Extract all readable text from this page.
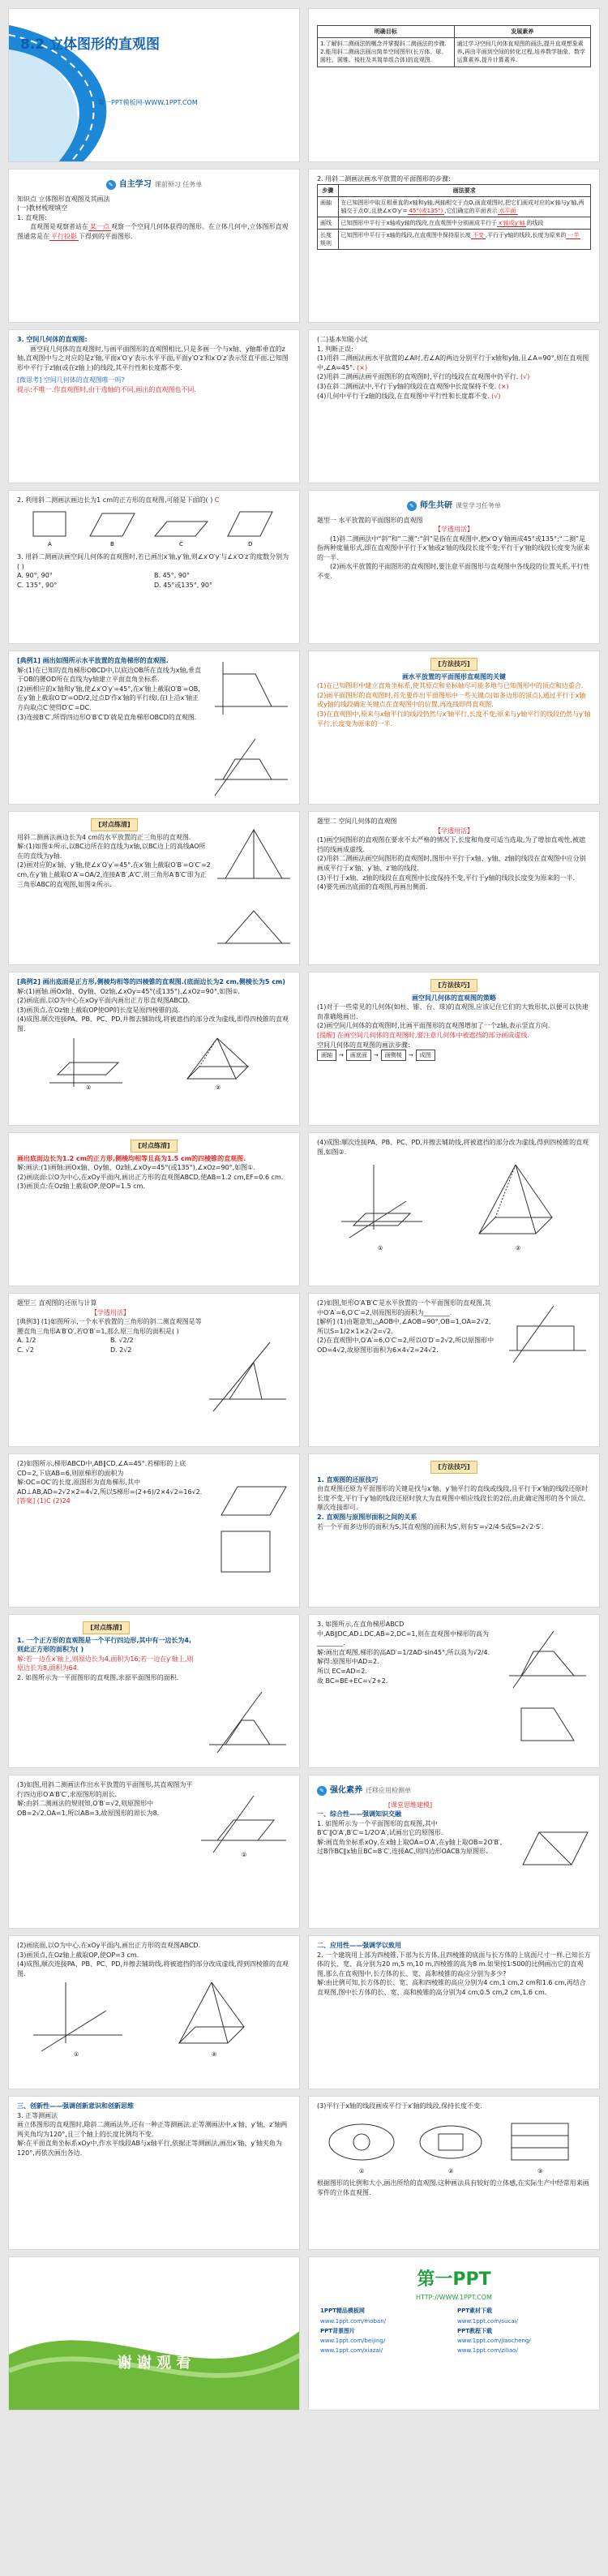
8.2 立体图形的直观图
第一PPT模板网-WWW.1PPT.COM
明确目标	发展素养

1.了解斜二测画法的概念并掌握斜二测画法的步骤.
2.能用斜二测画法画出简单空间图形(长方体、球、圆柱、圆锥、棱柱及其简单组合体)的直观图.	通过学习空间几何体直观图的画法,提升直观想象素养,再由平面到空间的转化过程,培养数学抽象、数学运算素养,提升计算素养.
✎ 自主学习 课前预习 任务单
知识点 立体图形直观图及其画法
(一)教材梳理填空
1. 直观图:
直观图是观察者站在 某一点 观察一个空间几何体获得的图形。在立体几何中,立体图形直观图通常是在 平行投影 下得到的平面图形.
2. 用斜二测画法画水平放置的平面图形的步骤:
步骤	画法要求
画轴	在已知图形中取互相垂直的x轴和y轴,两轴相交于点O,画直观图时,把它们画成对应的x′轴与y′轴,两轴交于点O′,且使∠x′O′y′= 45°(或135°) ,它们确定的平面表示 水平面
画线	已知图形中平行于x轴或y轴的线段,在直观图中分别画成平行于 x′轴或y′轴 的线段
长度规则	已知图形中平行于x轴的线段,在直观图中保持原长度 不变 ,平行于y轴的线段,长度为原来的 一半
3. 空间几何体的直观图:
画空间几何体的直观图时,与画平面图形的直观图相比,只是多画一个与x轴、y轴都垂直的z轴,直观图中与之对应的是z′轴,平面x′O′y′表示水平平面,平面y′O′z′和x′O′z′表示竖直平面.已知图形中平行于z轴(或在z轴上)的线段,其平行性和长度都不变.
[微思考] 空间几何体的直观图唯一吗?
提示:不唯一.作直观图时,由于选轴的不同,画出的直观图也不同.
(二)基本知能小试
1. 判断正误:
(1)用斜二测画法画水平放置的∠A时,若∠A的两边分别平行于x轴和y轴,且∠A=90°,则在直观图中,∠A=45°. (×)
(2)用斜二测画法画平面图形的直观图时,平行的线段在直观图中仍平行. (√)
(3)在斜二测画法中,平行于y轴的线段在直观图中长度保持不变. (×)
(4)几何中平行于z轴的线段,在直观图中平行性和长度都不变. (√)
2. 利用斜二测画法画边长为1 cm的正方形的直观图,可能是下面的( ) C
A	B	C	D
3. 用斜二测画法画空间几何体的直观图时,若已画出x′轴,y′轴,则∠x′O′y′与∠x′O′z′的度数分别为( )
A. 90°, 90°	B. 45°, 90°
C. 135°, 90°	D. 45°或135°, 90°
✎ 师生共研 课堂学习任务单
题型一 水平放置的平面图形的直观图
【学透用活】
(1)斜二测画法中“斜”和“二测”:“斜”是指在直观图中,把x′O′y′轴画成45°或135°;“二测”是指两种度量形式,即在直观图中平行于x′轴或z′轴的线段长度不变;平行于y′轴的线段长度变为原来的一半.
(2)画水平放置的平面图形的直观图时,要注意平面图形与直观图中各线段的位置关系,平行性不变.
[典例1] 画出如图所示水平放置的直角梯形的直观图.
解:(1)在已知的直角梯形OBCD中,以底边OB所在直线为x轴,垂直于OB的腰OD所在直线为y轴建立平面直角坐标系.
(2)画相应的x′轴和y′轴,使∠x′O′y′=45°,在x′轴上截取O′B′=OB,在y′轴上截取O′D′=OD/2,过点D′作x′轴的平行线l,在l上沿x′轴正方向取点C′使得D′C′=DC.
(3)连接B′C′,所得四边形O′B′C′D′就是直角梯形OBCD的直观图.
[方法技巧]
画水平放置的平面图形直观图的关键
(1)在已知图形中建立直角坐标系,使其原点和坐标轴尽可能多地与已知图形中的顶点和边重合.
(2)画平面图形的直观图时,首先要作出平面图形中一些关键点(如多边形的顶点),通过平行于x轴或y轴的线段确定关键点在直观图中的位置,再连线即得直观图.
(3)在直观图中,原来与x轴平行的线段仍然与x′轴平行,长度不变;原来与y轴平行的线段仍然与y′轴平行,长度变为原来的一半.
[对点练清]
用斜二测画法画边长为4 cm的水平放置的正三角形的直观图.
解:(1)如图①所示,以BC边所在的直线为x轴,以BC边上的高线AO所在的直线为y轴.
(2)画对应的x′轴、y′轴,使∠x′O′y′=45°.在x′轴上截取O′B′=O′C′=2 cm,在y′轴上截取O′A′=OA/2,连接A′B′,A′C′,则三角形A′B′C′即为正三角形ABC的直观图,如图②所示.
题型二 空间几何体的直观图
【学透用活】
(1)画空间图形的直观图在要求不太严格的情况下,长度和角度可适当选取,为了增加直观性,被遮挡的线画成虚线.
(2)用斜二测画法画空间图形的直观图时,图形中平行于x轴、y轴、z轴的线段在直观图中应分别画成平行于x′轴、y′轴、z′轴的线段.
(3)平行于x轴、z轴的线段在直观图中长度保持不变,平行于y轴的线段长度变为原来的一半.
(4)要先画出底面的直观图,再画出侧面.
[典例2] 画出底面是正方形,侧棱均相等的四棱锥的直观图.(底面边长为2 cm,侧棱长为5 cm)
解:(1)画轴.画Ox轴、Oy轴、Oz轴,∠xOy=45°(或135°),∠xOz=90°,如图①.
(2)画底面.以O为中心在xOy平面内画出正方形直观图ABCD.
(3)画顶点.在Oz轴上截取OP使OP的长度是原四棱锥的高.
(4)成图.顺次连接PA、PB、PC、PD,并擦去辅助线,将被遮挡的部分改为虚线,即得四棱锥的直观图.
①	②
[方法技巧]
画空间几何体的直观图的策略
(1)对于一些常见的几何体(如柱、锥、台、球)的直观图,应该记住它们的大致形状,以便可以快速而准确地画出.
(2)画空间几何体的直观图时,比画平面图形的直观图增加了一个z轴,表示竖直方向.
[提醒] 在画空间几何体的直观图时,要注意几何体中被遮挡的部分画成虚线.
空间几何体的直观图的画法步骤:
画轴	→	画底面	→	画侧棱	→	成图
[对点练清]
画出底面边长为1.2 cm的正方形,侧棱均相等且高为1.5 cm的四棱锥的直观图.
解:画法:(1)画轴:画Ox轴、Oy轴、Oz轴,∠xOy=45°(或135°),∠xOz=90°,如图①.
(2)画底面:以O为中心,在xOy平面内,画出正方形的直观图ABCD,使AB=1.2 cm,EF=0.6 cm.
(3)画顶点:在Oz轴上截取OP,使OP=1.5 cm.
(4)成图:顺次连接PA、PB、PC、PD,并擦去辅助线,将被遮挡的部分改为虚线,得到四棱锥的直观图,如图②.
①	②
题型三 直观图的还原与计算
【学透用活】
[典例3] (1)如图所示,一个水平放置的三角形的斜二测直观图是等腰直角三角形A′B′O′,若O′B′=1,那么原三角形的面积是( )
A. 1/2	B. √2/2
C. √2	D. 2√2
(2)如图,矩形O′A′B′C′是水平放置的一个平面图形的直观图,其中O′A′=6,O′C′=2,则原图形的面积为________.
[解析] (1)由题意知,△AOB中,∠AOB=90°,OB=1,OA=2√2,所以S=1/2×1×2√2=√2.
(2)在直观图中,O′A′=6,O′C′=2,所以O′D′=2√2,所以原图形中OD=4√2,故原图形面积为6×4√2=24√2.
(2)如图所示,梯形ABCD中,AB∥CD,∠A=45°.若梯形的上底CD=2,下底AB=6,则原梯形的面积为
解:OC=OC′的长度,原图形为直角梯形,其中AD⊥AB,AD=2√2×2=4√2,所以S梯形=(2+6)/2×4√2=16√2.
[答案] (1)C (2)24
[方法技巧]
1. 直观图的还原技巧
由直观图还原为平面图形的关键是找与x′轴、y′轴平行的直线或线段,且平行于x′轴的线段还原时长度不变,平行于y′轴的线段还原时放大为直观图中相应线段长的2倍,由此确定图形的各个顶点,顺次连接即可.
2. 直观图与原图形面积之间的关系
若一个平面多边形的面积为S,其直观图的面积为S′,则有S′=√2/4·S或S=2√2·S′.
[对点练清]
1. 一个正方形的直观图是一个平行四边形,其中有一边长为4,则此正方形的面积为( )
解:若一边在x′轴上,则原边长为4,面积为16;若一边在y′轴上,则原边长为8,面积为64.
2. 如图所示为一平面图形的直观图,求原平面图形的面积.
3. 如图所示,在直角梯形ABCD中,AB∥DC,AD⊥DC,AB=2,DC=1,则在直观图中梯形的高为________.
解:画出直观图,梯形的高AD′=1/2AD·sin45°,所以高为√2/4.
解得:原图形中AD=2.
所以 EC=AD=2.
故 BC=BE+EC=√2+2.
(3)如图,用斜二测画法作出水平放置的平面图形,其直观图为平行四边形O′A′B′C′,求原图形的周长.
解:由斜二测画法的规则知,O′B′=√2,则原图形中OB=2√2,OA=1,所以AB=3,故原图形的周长为8.
①
✎ 强化素养 迁移应用检测单
[课堂思维建模]
一、综合性——强调知识交融
1. 如图所示为一个平面图形的直观图,其中B′C′∥O′A′,B′C′=1/2O′A′,试画出它的原图形.
解:画直角坐标系xOy,在x轴上取OA=O′A′,在y轴上取OB=2O′B′,过B作BC∥x轴且BC=B′C′,连接AC,则四边形OACB为原图形.
(2)画底面,以O为中心,在xOy平面内,画出正方形的直观图ABCD.
(3)画顶点,在Oz轴上截取OP,使OP=3 cm.
(4)成图,顺次连接PA、PB、PC、PD,并擦去辅助线,将被遮挡的部分改成虚线,得到四棱锥的直观图.
①	②
二、应用性——强调学以致用
2. 一个建筑用上部为四棱锥,下部为长方体,且四棱锥的底面与长方体的上底面尺寸一样.已知长方体的长、宽、高分别为20 m,5 m,10 m,四棱锥的高为8 m.如果按1∶500的比例画出它的直观图,那么在直观图中,长方体的长、宽、高和棱锥的高应分别为多少?
解:由比例可知,长方体的长、宽、高和四棱锥的高应分别为4 cm,1 cm,2 cm和1.6 cm,再结合直观图,图中长方体的长、宽、高和棱锥的高分别为4 cm,0.5 cm,2 cm,1.6 cm.
三、创新性——强调创新意识和创新思维
3. 正等测画法
画立体图形的直观图时,除斜二测画法外,还有一种正等测画法.正等测画法中,x′轴、y′轴、z′轴两两夹角均为120°,且三个轴上的长度比例均不变.
解:在平面直角坐标系xOy中,作水平线段AB与x轴平行,依据正等测画法,画出x′轴、y′轴夹角为120°,再依次画出各边.
(3)平行于x轴的线段画成平行于x′轴的线段,保持长度不变.
①	②	③
根据图形的比例和大小,画出所给的直观图.这种画法具有较好的立体感,在实际生产中经常用来画零件的立体直观图.
谢 谢 观 看
第一PPT
HTTP://WWW.1PPT.COM
1PPT精品模板网	PPT素材下载
www.1ppt.com/moban/	www.1ppt.com/sucai/
PPT背景图片	PPT教程下载
www.1ppt.com/beijing/	www.1ppt.com/jiaocheng/
www.1ppt.com/xiazai/	www.1ppt.com/ziliao/
